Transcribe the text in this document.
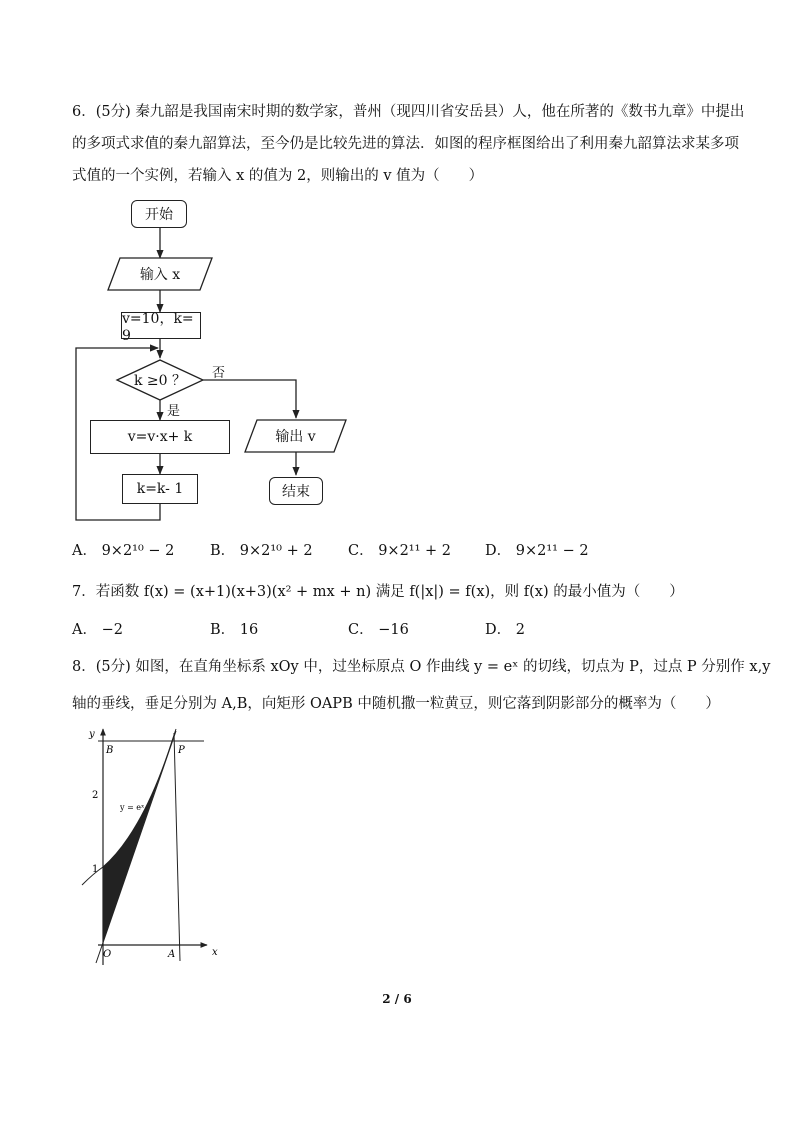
6．(5分) 秦九韶是我国南宋时期的数学家，普州（现四川省安岳县）人，他在所著的《数书九章》中提出
的多项式求值的秦九韶算法，至今仍是比较先进的算法．如图的程序框图给出了利用秦九韶算法求某多项
式值的一个实例，若输入 x 的值为 2，则输出的 v 值为（　　）
开始
输入 x
v=10，k= 9
k ≥0 ？	否
是
v=v·x+ k
k=k- 1
输出 v
结束
A． 9×2¹⁰ − 2 B． 9×2¹⁰ + 2 C． 9×2¹¹ + 2 D． 9×2¹¹ − 2
7．若函数 f(x) = (x+1)(x+3)(x² + mx + n) 满足 f(|x|) = f(x)，则 f(x) 的最小值为（　　）
A． −2	B． 16	C． −16	D． 2
8．(5分) 如图，在直角坐标系 xOy 中，过坐标原点 O 作曲线 y = eˣ 的切线，切点为 P，过点 P 分别作 x,y
轴的垂线，垂足分别为 A,B，向矩形 OAPB 中随机撒一粒黄豆，则它落到阴影部分的概率为（　　）
y
x
B	P
O	A
2
1
y = eˣ
2 / 6
